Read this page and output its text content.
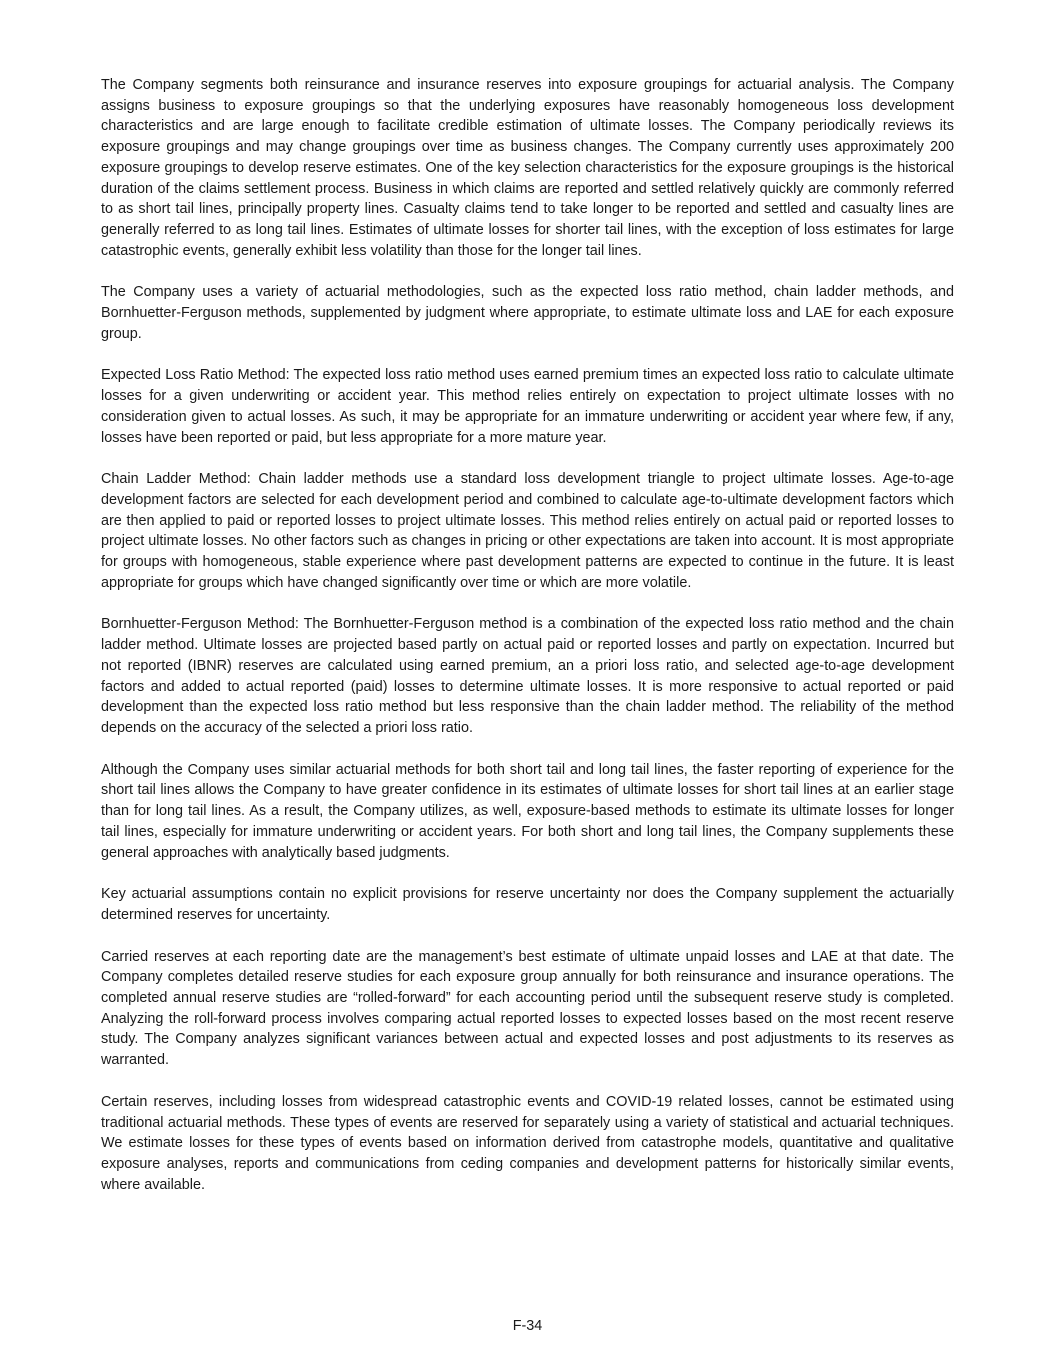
The Company segments both reinsurance and insurance reserves into exposure groupings for actuarial analysis. The Company assigns business to exposure groupings so that the underlying exposures have reasonably homogeneous loss development characteristics and are large enough to facilitate credible estimation of ultimate losses. The Company periodically reviews its exposure groupings and may change groupings over time as business changes. The Company currently uses approximately 200 exposure groupings to develop reserve estimates. One of the key selection characteristics for the exposure groupings is the historical duration of the claims settlement process. Business in which claims are reported and settled relatively quickly are commonly referred to as short tail lines, principally property lines. Casualty claims tend to take longer to be reported and settled and casualty lines are generally referred to as long tail lines. Estimates of ultimate losses for shorter tail lines, with the exception of loss estimates for large catastrophic events, generally exhibit less volatility than those for the longer tail lines.

The Company uses a variety of actuarial methodologies, such as the expected loss ratio method, chain ladder methods, and Bornhuetter-Ferguson methods, supplemented by judgment where appropriate, to estimate ultimate loss and LAE for each exposure group.

Expected Loss Ratio Method: The expected loss ratio method uses earned premium times an expected loss ratio to calculate ultimate losses for a given underwriting or accident year. This method relies entirely on expectation to project ultimate losses with no consideration given to actual losses. As such, it may be appropriate for an immature underwriting or accident year where few, if any, losses have been reported or paid, but less appropriate for a more mature year.

Chain Ladder Method: Chain ladder methods use a standard loss development triangle to project ultimate losses. Age-to-age development factors are selected for each development period and combined to calculate age-to-ultimate development factors which are then applied to paid or reported losses to project ultimate losses. This method relies entirely on actual paid or reported losses to project ultimate losses. No other factors such as changes in pricing or other expectations are taken into account. It is most appropriate for groups with homogeneous, stable experience where past development patterns are expected to continue in the future. It is least appropriate for groups which have changed significantly over time or which are more volatile.

Bornhuetter-Ferguson Method: The Bornhuetter-Ferguson method is a combination of the expected loss ratio method and the chain ladder method. Ultimate losses are projected based partly on actual paid or reported losses and partly on expectation. Incurred but not reported (IBNR) reserves are calculated using earned premium, an a priori loss ratio, and selected age-to-age development factors and added to actual reported (paid) losses to determine ultimate losses. It is more responsive to actual reported or paid development than the expected loss ratio method but less responsive than the chain ladder method. The reliability of the method depends on the accuracy of the selected a priori loss ratio.

Although the Company uses similar actuarial methods for both short tail and long tail lines, the faster reporting of experience for the short tail lines allows the Company to have greater confidence in its estimates of ultimate losses for short tail lines at an earlier stage than for long tail lines. As a result, the Company utilizes, as well, exposure-based methods to estimate its ultimate losses for longer tail lines, especially for immature underwriting or accident years. For both short and long tail lines, the Company supplements these general approaches with analytically based judgments.

Key actuarial assumptions contain no explicit provisions for reserve uncertainty nor does the Company supplement the actuarially determined reserves for uncertainty.

Carried reserves at each reporting date are the management’s best estimate of ultimate unpaid losses and LAE at that date. The Company completes detailed reserve studies for each exposure group annually for both reinsurance and insurance operations. The completed annual reserve studies are “rolled-forward” for each accounting period until the subsequent reserve study is completed. Analyzing the roll-forward process involves comparing actual reported losses to expected losses based on the most recent reserve study. The Company analyzes significant variances between actual and expected losses and post adjustments to its reserves as warranted.

Certain reserves, including losses from widespread catastrophic events and COVID-19 related losses, cannot be estimated using traditional actuarial methods. These types of events are reserved for separately using a variety of statistical and actuarial techniques. We estimate losses for these types of events based on information derived from catastrophe models, quantitative and qualitative exposure analyses, reports and communications from ceding companies and development patterns for historically similar events, where available.

F-34
